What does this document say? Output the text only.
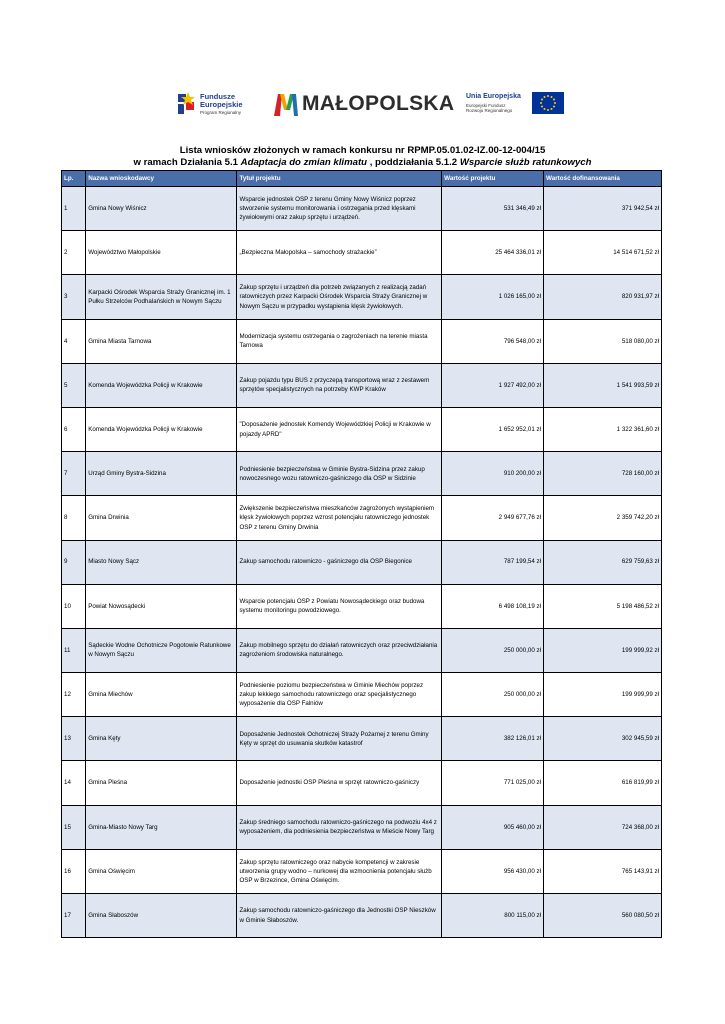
Fundusze
Europejskie
Program Regionalny	MAŁOPOLSKA Unia Europejska
Europejski Fundusz
Rozwoju Regionalnego
Lista wniosków złożonych w ramach konkursu nr RPMP.05.01.02-IZ.00-12-004/15
w ramach Działania 5.1 Adaptacja do zmian klimatu , poddziałania 5.1.2 Wsparcie służb ratunkowych
Lp.	Nazwa wnioskodawcy	Tytuł projektu	Wartość projektu	Wartość dofinansowania
1	Gmina Nowy Wiśnicz	Wsparcie jednostek OSP z terenu Gminy Nowy Wiśnicz poprzez stworzenie systemu monitorowania i ostrzegania przed klęskami żywiołowymi oraz zakup sprzętu i urządzeń.	531 346,49 zł	371 942,54 zł
2	Województwo Małopolskie	„Bezpieczna Małopolska – samochody strażackie”	25 464 336,01 zł	14 514 671,52 zł
3	Karpacki Ośrodek Wsparcia Straży Granicznej im. 1 Pułku Strzelców Podhalańskich w Nowym Sączu	Zakup sprzętu i urządzeń dla potrzeb związanych z realizacją zadań ratowniczych przez Karpacki Ośrodek Wsparcia Straży Granicznej w Nowym Sączu w przypadku wystąpienia klęsk żywiołowych.	1 026 165,00 zł	820 931,97 zł
4	Gmina Miasta Tarnowa	Modernizacja systemu ostrzegania o zagrożeniach na terenie miasta Tarnowa	796 548,00 zł	518 080,00 zł
5	Komenda Wojewódzka Policji w Krakowie	Zakup pojazdu typu BUS z przyczepą transportową wraz z zestawem sprzętów specjalistycznych na potrzeby KWP Kraków	1 927 492,00 zł	1 541 993,59 zł
6	Komenda Wojewódzka Policji w Krakowie	"Doposażenie jednostek Komendy Wojewódzkiej Policji w Krakowie w pojazdy APRD"	1 652 952,01 zł	1 322 361,60 zł
7	Urząd Gminy Bystra-Sidzina	Podniesienie bezpieczeństwa w Gminie Bystra-Sidzina przez zakup nowoczesnego wozu ratowniczo-gaśniczego dla OSP w Sidzinie	910 200,00 zł	728 160,00 zł
8	Gmina Drwinia	Zwiększenie bezpieczeństwa mieszkańców zagrożonych wystąpieniem klęsk żywiołowych poprzez wzrost potencjału ratowniczego jednostek OSP z terenu Gminy Drwinia	2 949 677,76 zł	2 359 742,20 zł
9	Miasto Nowy Sącz	Zakup samochodu ratowniczo - gaśniczego dla OSP Biegonice	787 199,54 zł	629 759,63 zł
10	Powiat Nowosądecki	Wsparcie potencjału OSP z Powiatu Nowosądeckiego oraz budowa systemu monitoringu powodziowego.	6 498 108,19 zł	5 198 486,52 zł
11	Sądeckie Wodne Ochotnicze Pogotowie Ratunkowe w Nowym Sączu	Zakup mobilnego sprzętu do działań ratowniczych oraz przeciwdziałania zagrożeniom środowiska naturalnego.	250 000,00 zł	199 999,92 zł
12	Gmina Miechów	Podniesienie poziomu bezpieczeństwa w Gminie Miechów poprzez zakup lekkiego samochodu ratowniczego oraz specjalistycznego wyposażenie dla OSP Falniów	250 000,00 zł	199 999,99 zł
13	Gmina Kęty	Doposażenie Jednostek Ochotniczej Straży Pożarnej z terenu Gminy Kęty w sprzęt do usuwania skutków katastrof	382 126,01 zł	302 945,59 zł
14	Gmina Pleśna	Doposażenie jednostki OSP Pleśna w sprzęt ratowniczo-gaśniczy	771 025,00 zł	616 819,99 zł
15	Gmina-Miasto Nowy Targ	Zakup średniego samochodu ratowniczo-gaśniczego na podwoziu 4x4 z wyposażeniem, dla podniesienia bezpieczeństwa w Mieście Nowy Targ	905 460,00 zł	724 368,00 zł
16	Gmina Oświęcim	Zakup sprzętu ratowniczego oraz nabycie kompetencji w zakresie utworzenia grupy wodno – nurkowej dla wzmocnienia potencjału służb OSP w Brzezince, Gmina Oświęcim.	956 430,00 zł	765 143,91 zł
17	Gmina Słaboszów	Zakup samochodu ratowniczo-gaśniczego dla Jednostki OSP Nieszków w Gminie Słaboszów.	800 115,00 zł	560 080,50 zł
